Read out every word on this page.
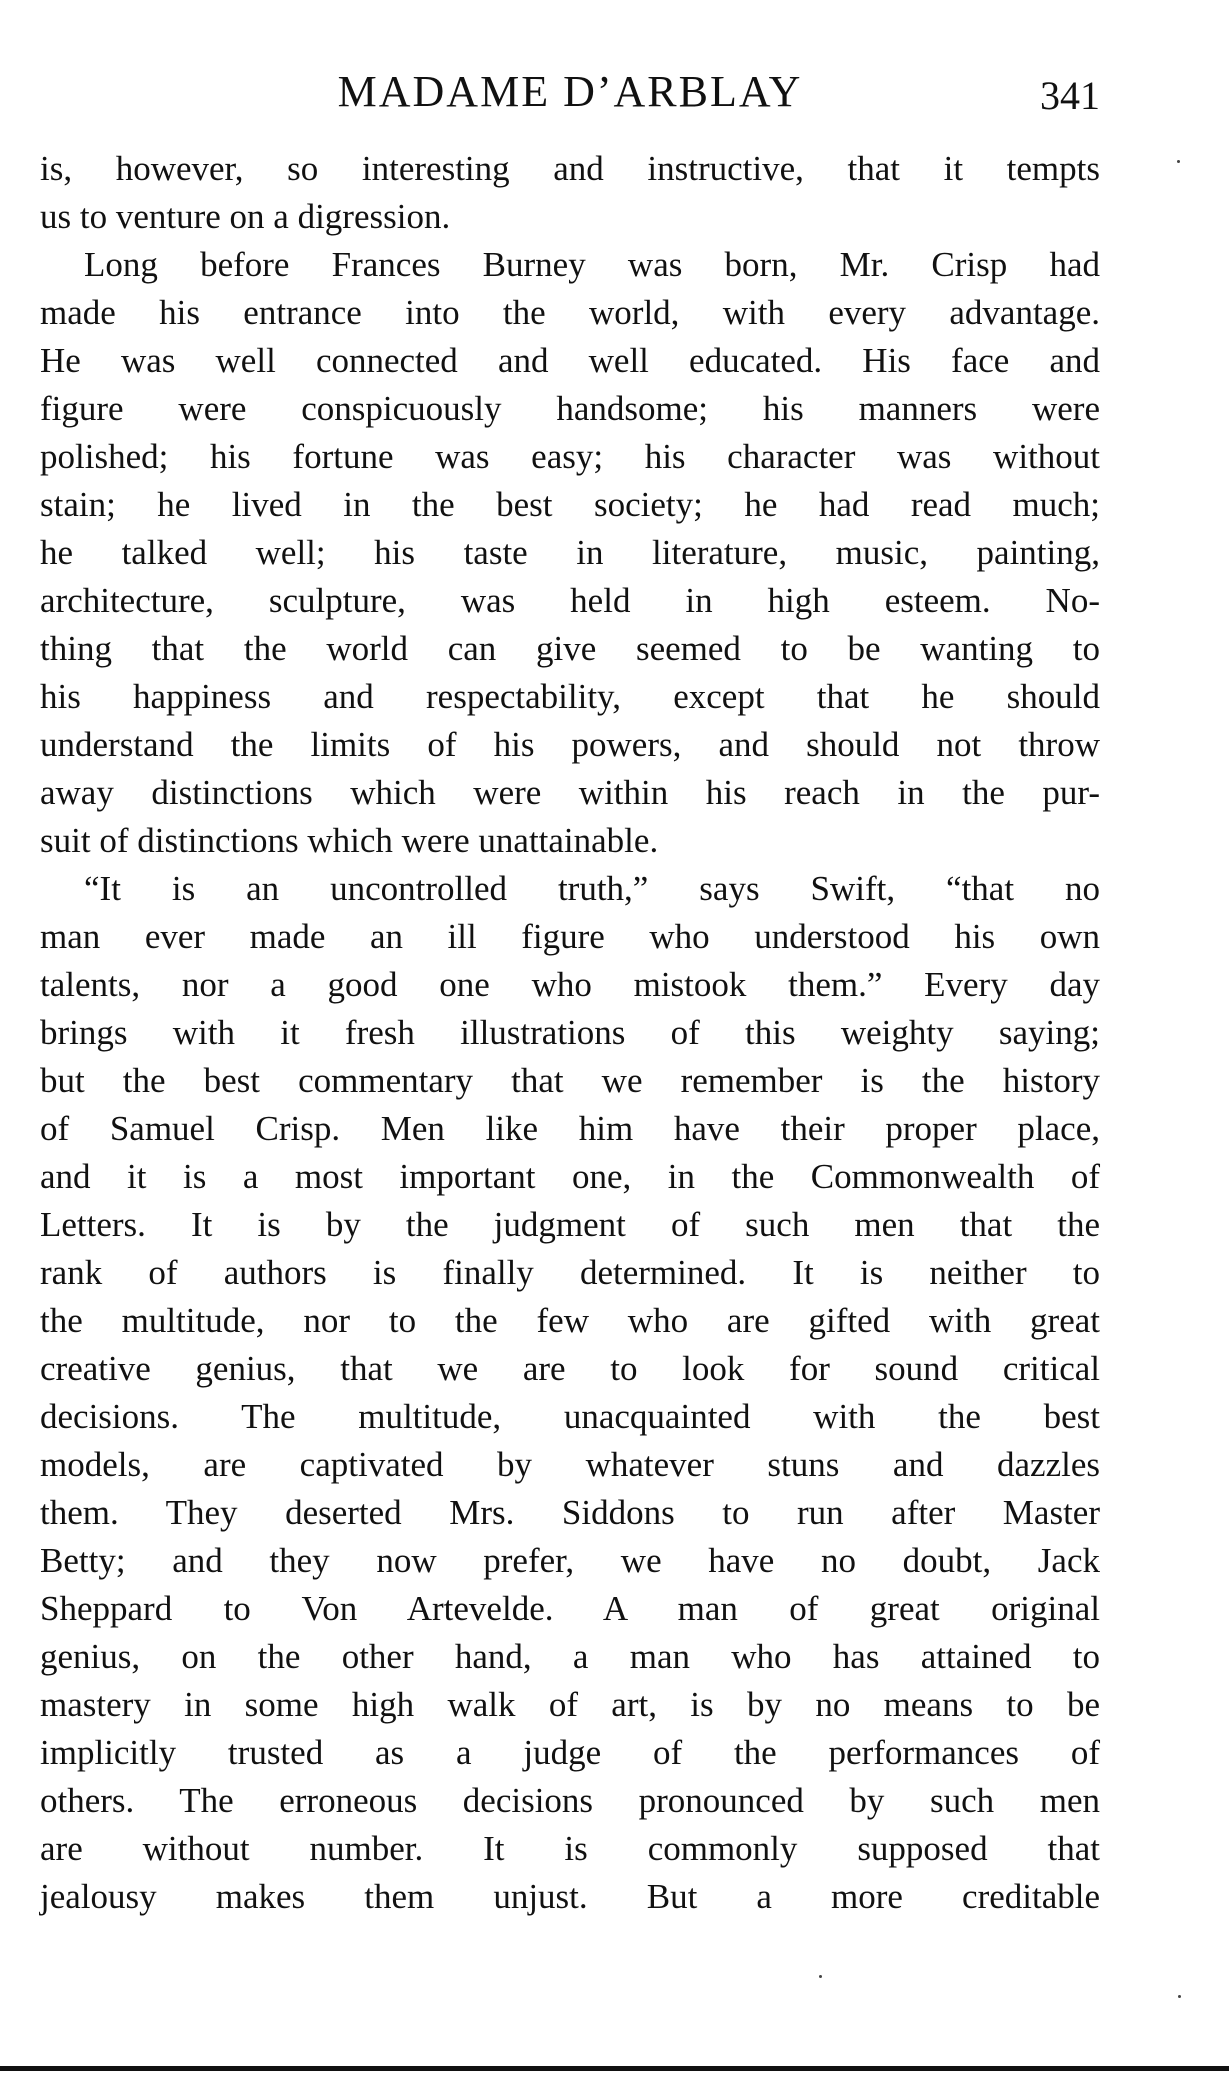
MADAME D’ARBLAY	341
is, however, so interesting and instructive, that it tempts
us to venture on a digression.
Long before Frances Burney was born, Mr. Crisp had
made his entrance into the world, with every advantage.
He was well connected and well educated. His face and
figure were conspicuously handsome; his manners were
polished; his fortune was easy; his character was without
stain; he lived in the best society; he had read much;
he talked well; his taste in literature, music, painting,
architecture, sculpture, was held in high esteem. No-
thing that the world can give seemed to be wanting to
his happiness and respectability, except that he should
understand the limits of his powers, and should not throw
away distinctions which were within his reach in the pur-
suit of distinctions which were unattainable.
“It is an uncontrolled truth,” says Swift, “that no
man ever made an ill figure who understood his own
talents, nor a good one who mistook them.” Every day
brings with it fresh illustrations of this weighty saying;
but the best commentary that we remember is the history
of Samuel Crisp. Men like him have their proper place,
and it is a most important one, in the Commonwealth of
Letters. It is by the judgment of such men that the
rank of authors is finally determined. It is neither to
the multitude, nor to the few who are gifted with great
creative genius, that we are to look for sound critical
decisions. The multitude, unacquainted with the best
models, are captivated by whatever stuns and dazzles
them. They deserted Mrs. Siddons to run after Master
Betty; and they now prefer, we have no doubt, Jack
Sheppard to Von Artevelde. A man of great original
genius, on the other hand, a man who has attained to
mastery in some high walk of art, is by no means to be
implicitly trusted as a judge of the performances of
others. The erroneous decisions pronounced by such men
are without number. It is commonly supposed that
jealousy makes them unjust. But a more creditable
